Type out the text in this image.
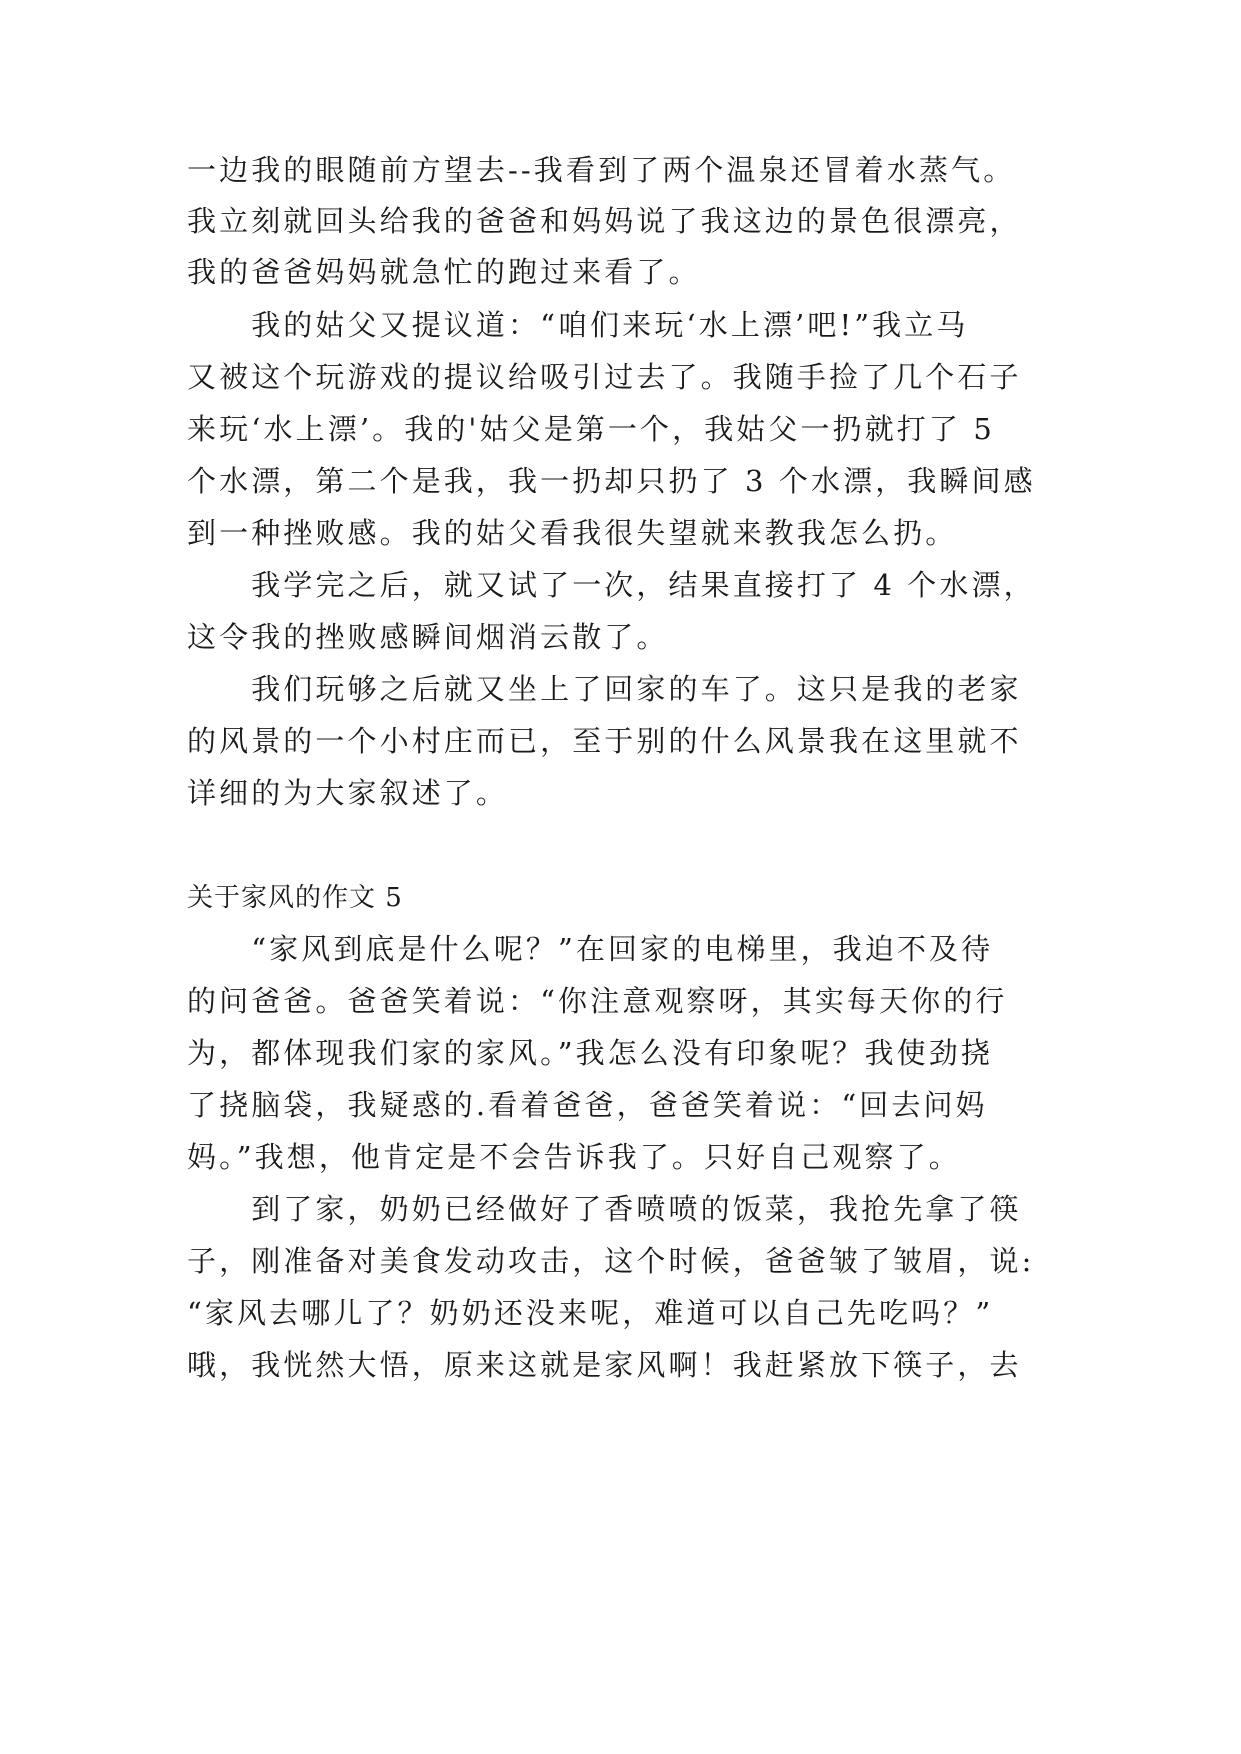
一边我的眼随前方望去--我看到了两个温泉还冒着水蒸气。
我立刻就回头给我的爸爸和妈妈说了我这边的景色很漂亮，
我的爸爸妈妈就急忙的跑过来看了。
　　我的姑父又提议道：“咱们来玩‘水上漂’吧!”我立马
又被这个玩游戏的提议给吸引过去了。我随手捡了几个石子
来玩‘水上漂’。我的'姑父是第一个，我姑父一扔就打了 5
个水漂，第二个是我，我一扔却只扔了 3 个水漂，我瞬间感
到一种挫败感。我的姑父看我很失望就来教我怎么扔。
　　我学完之后，就又试了一次，结果直接打了 4 个水漂，
这令我的挫败感瞬间烟消云散了。
　　我们玩够之后就又坐上了回家的车了。这只是我的老家
的风景的一个小村庄而已，至于别的什么风景我在这里就不
详细的为大家叙述了。
关于家风的作文 5
　　“家风到底是什么呢？”在回家的电梯里，我迫不及待
的问爸爸。爸爸笑着说：“你注意观察呀，其实每天你的行
为，都体现我们家的家风。”我怎么没有印象呢？我使劲挠
了挠脑袋，我疑惑的.看着爸爸，爸爸笑着说：“回去问妈
妈。”我想，他肯定是不会告诉我了。只好自己观察了。
　　到了家，奶奶已经做好了香喷喷的饭菜，我抢先拿了筷
子，刚准备对美食发动攻击，这个时候，爸爸皱了皱眉，说:
“家风去哪儿了？奶奶还没来呢，难道可以自己先吃吗？”
哦，我恍然大悟，原来这就是家风啊！我赶紧放下筷子，去
